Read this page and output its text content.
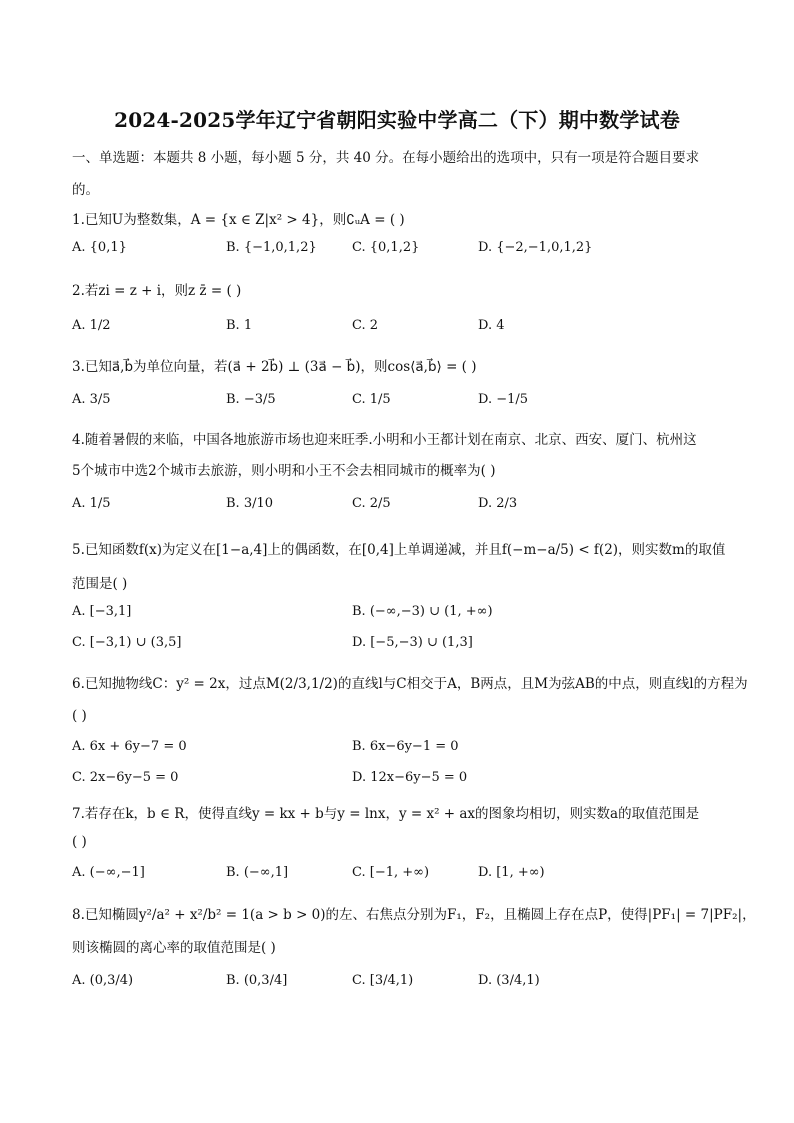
2024-2025学年辽宁省朝阳实验中学高二（下）期中数学试卷
一、单选题：本题共 8 小题，每小题 5 分，共 40 分。在每小题给出的选项中，只有一项是符合题目要求
的。
1.已知U为整数集，A = {x ∈ Z|x² > 4}，则∁ᵤA = ( )
A. {0,1}	B. {−1,0,1,2}	C. {0,1,2}	D. {−2,−1,0,1,2}
2.若zi = z + i，则z z̄ = ( )
A. 1/2	B. 1	C. 2	D. 4
3.已知a⃗,b⃗为单位向量，若(a⃗ + 2b⃗) ⊥ (3a⃗ − b⃗)，则cos⟨a⃗,b⃗⟩ = ( )
A. 3/5	B. −3/5	C. 1/5	D. −1/5
4.随着暑假的来临，中国各地旅游市场也迎来旺季.小明和小王都计划在南京、北京、西安、厦门、杭州这
5个城市中选2个城市去旅游，则小明和小王不会去相同城市的概率为( )
A. 1/5	B. 3/10	C. 2/5	D. 2/3
5.已知函数f(x)为定义在[1−a,4]上的偶函数，在[0,4]上单调递减，并且f(−m−a/5) < f(2)，则实数m的取值
范围是( )
A. [−3,1]	B. (−∞,−3) ∪ (1, +∞)
C. [−3,1) ∪ (3,5]	D. [−5,−3) ∪ (1,3]
6.已知抛物线C：y² = 2x，过点M(2/3,1/2)的直线l与C相交于A，B两点，且M为弦AB的中点，则直线l的方程为
( )
A. 6x + 6y−7 = 0	B. 6x−6y−1 = 0
C. 2x−6y−5 = 0	D. 12x−6y−5 = 0
7.若存在k，b ∈ R，使得直线y = kx + b与y = lnx，y = x² + ax的图象均相切，则实数a的取值范围是
( )
A. (−∞,−1]	B. (−∞,1]	C. [−1, +∞)	D. [1, +∞)
8.已知椭圆y²/a² + x²/b² = 1(a > b > 0)的左、右焦点分别为F₁，F₂，且椭圆上存在点P，使得|PF₁| = 7|PF₂|，
则该椭圆的离心率的取值范围是( )
A. (0,3/4)	B. (0,3/4]	C. [3/4,1)	D. (3/4,1)
